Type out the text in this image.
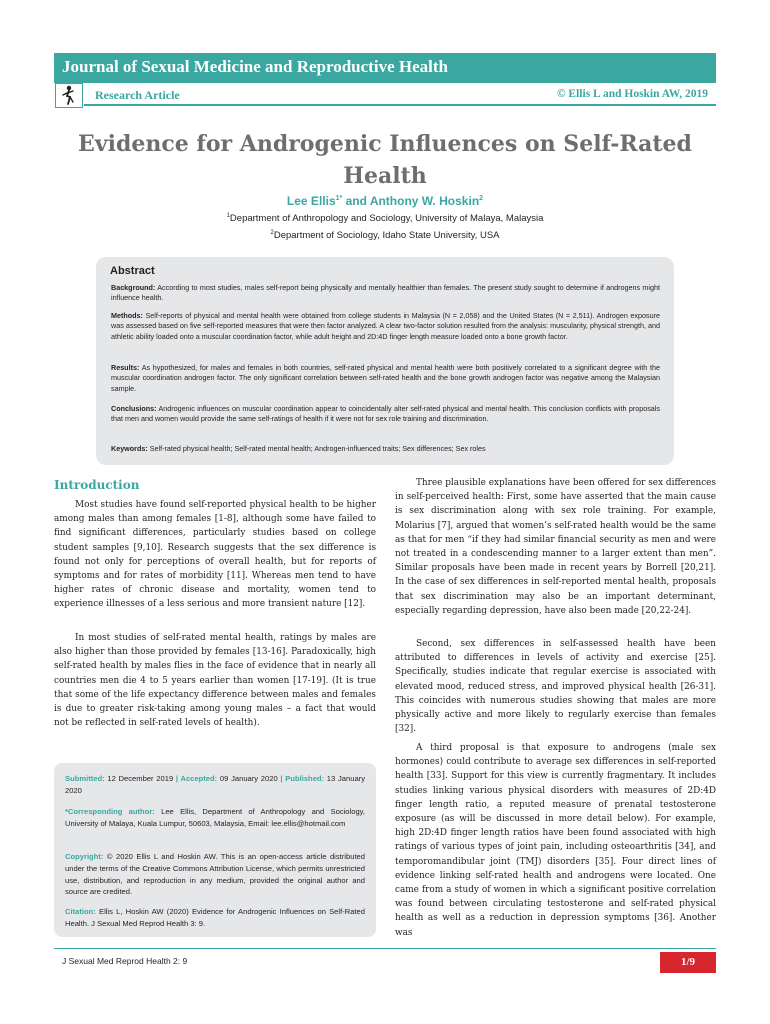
Journal of Sexual Medicine and Reproductive Health
Research Article	© Ellis L and Hoskin AW, 2019
Evidence for Androgenic Influences on Self-Rated
Health
Lee Ellis$^{1*}$ and Anthony W. Hoskin$^2$
$^1$Department of Anthropology and Sociology, University of Malaya, Malaysia
$^2$Department of Sociology, Idaho State University, USA
Abstract
Background: According to most studies, males self-report being physically and mentally healthier than females. The present study sought to determine if androgens might influence health.
Methods: Self-reports of physical and mental health were obtained from college students in Malaysia (N = 2,058) and the United States (N = 2,511). Androgen exposure was assessed based on five self-reported measures that were then factor analyzed. A clear two-factor solution resulted from the analysis: muscularity, physical strength, and athletic ability loaded onto a muscular coordination factor, while adult height and 2D:4D finger length measure loaded onto a bone growth factor.
Results: As hypothesized, for males and females in both countries, self-rated physical and mental health were both positively correlated to a significant degree with the muscular coordination androgen factor. The only significant correlation between self-rated health and the bone growth androgen factor was negative among the Malaysian sample.
Conclusions: Androgenic influences on muscular coordination appear to coincidentally alter self-rated physical and mental health. This conclusion conflicts with proposals that men and women would provide the same self-ratings of health if it were not for sex role training and discrimination.
Keywords: Self-rated physical health; Self-rated mental health; Androgen-influenced traits; Sex differences; Sex roles
Introduction
Most studies have found self-reported physical health to be higher among males than among females [1-8], although some have failed to find significant differences, particularly studies based on college student samples [9,10]. Research suggests that the sex difference is found not only for perceptions of overall health, but for reports of symptoms and for rates of morbidity [11]. Whereas men tend to have higher rates of chronic disease and mortality, women tend to experience illnesses of a less serious and more transient nature [12].
In most studies of self-rated mental health, ratings by males are also higher than those provided by females [13-16]. Paradoxically, high self-rated health by males flies in the face of evidence that in nearly all countries men die 4 to 5 years earlier than women [17-19]. (It is true that some of the life expectancy difference between males and females is due to greater risk-taking among young males – a fact that would not be reflected in self-rated levels of health).
Submitted: 12 December 2019 | Accepted: 09 January 2020 | Published: 13 January 2020
*Corresponding author: Lee Ellis, Department of Anthropology and Sociology, University of Malaya, Kuala Lumpur, 50603, Malaysia, Email: lee.ellis@hotmail.com
Copyright: © 2020 Ellis L and Hoskin AW. This is an open-access article distributed under the terms of the Creative Commons Attribution License, which permits unrestricted use, distribution, and reproduction in any medium, provided the original author and source are credited.
Citation: Ellis L, Hoskin AW (2020) Evidence for Androgenic Influences on Self-Rated Health. J Sexual Med Reprod Health 3: 9.
Three plausible explanations have been offered for sex differences in self-perceived health: First, some have asserted that the main cause is sex discrimination along with sex role training. For example, Molarius [7], argued that women’s self-rated health would be the same as that for men “if they had similar financial security as men and were not treated in a condescending manner to a larger extent than men”. Similar proposals have been made in recent years by Borrell [20,21]. In the case of sex differences in self-reported mental health, proposals that sex discrimination may also be an important determinant, especially regarding depression, have also been made [20,22-24].
Second, sex differences in self-assessed health have been attributed to differences in levels of activity and exercise [25]. Specifically, studies indicate that regular exercise is associated with elevated mood, reduced stress, and improved physical health [26-31]. This coincides with numerous studies showing that males are more physically active and more likely to regularly exercise than females [32].
A third proposal is that exposure to androgens (male sex hormones) could contribute to average sex differences in self-reported health [33]. Support for this view is currently fragmentary. It includes studies linking various physical disorders with measures of 2D:4D finger length ratio, a reputed measure of prenatal testosterone exposure (as will be discussed in more detail below). For example, high 2D:4D finger length ratios have been found associated with high ratings of various types of joint pain, including osteoarthritis [34], and temporomandibular joint (TMJ) disorders [35]. Four direct lines of evidence linking self-rated health and androgens were located. One came from a study of women in which a significant positive correlation was found between circulating testosterone and self-rated physical health as well as a reduction in depression symptoms [36]. Another was
J Sexual Med Reprod Health 2: 9	1/9
